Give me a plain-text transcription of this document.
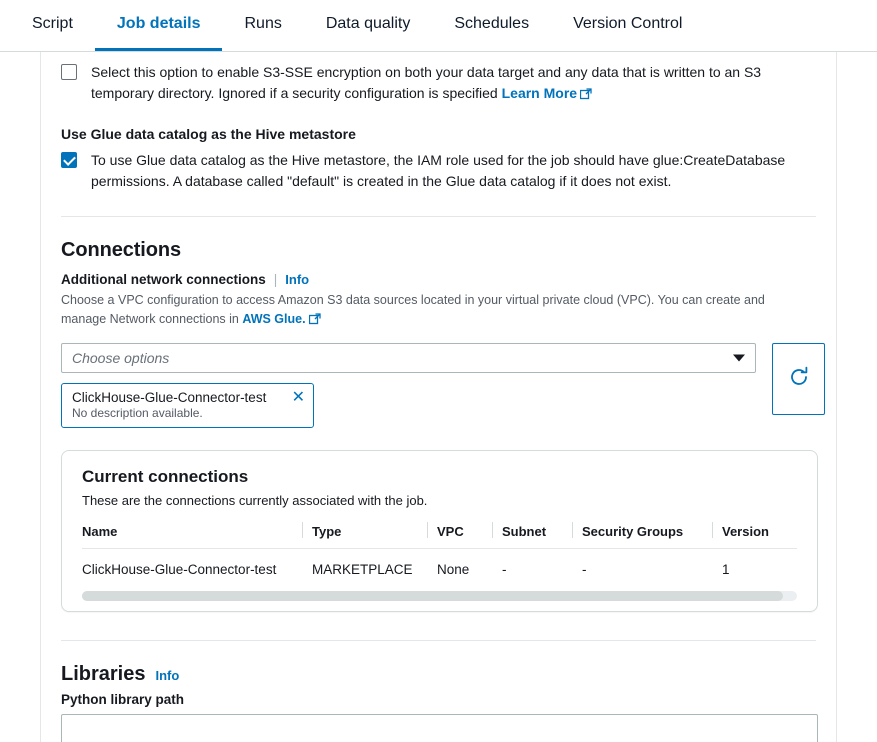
Script	Job details	Runs	Data quality	Schedules	Version Control
Select this option to enable S3-SSE encryption on both your data target and any data that is written to an S3 temporary directory. Ignored if a security configuration is specified Learn More
Use Glue data catalog as the Hive metastore
To use Glue data catalog as the Hive metastore, the IAM role used for the job should have glue:CreateDatabase permissions. A database called "default" is created in the Glue data catalog if it does not exist.
Connections
Additional network connections | Info
Choose a VPC configuration to access Amazon S3 data sources located in your virtual private cloud (VPC). You can create and manage Network connections in AWS Glue.
Choose options
ClickHouse-Glue-Connector-test
No description available.
✕
Current connections
These are the connections currently associated with the job.
Name	Type	VPC	Subnet	Security Groups	Version
ClickHouse-Glue-Connector-test	MARKETPLACE	None	-	-	1
Libraries Info
Python library path
